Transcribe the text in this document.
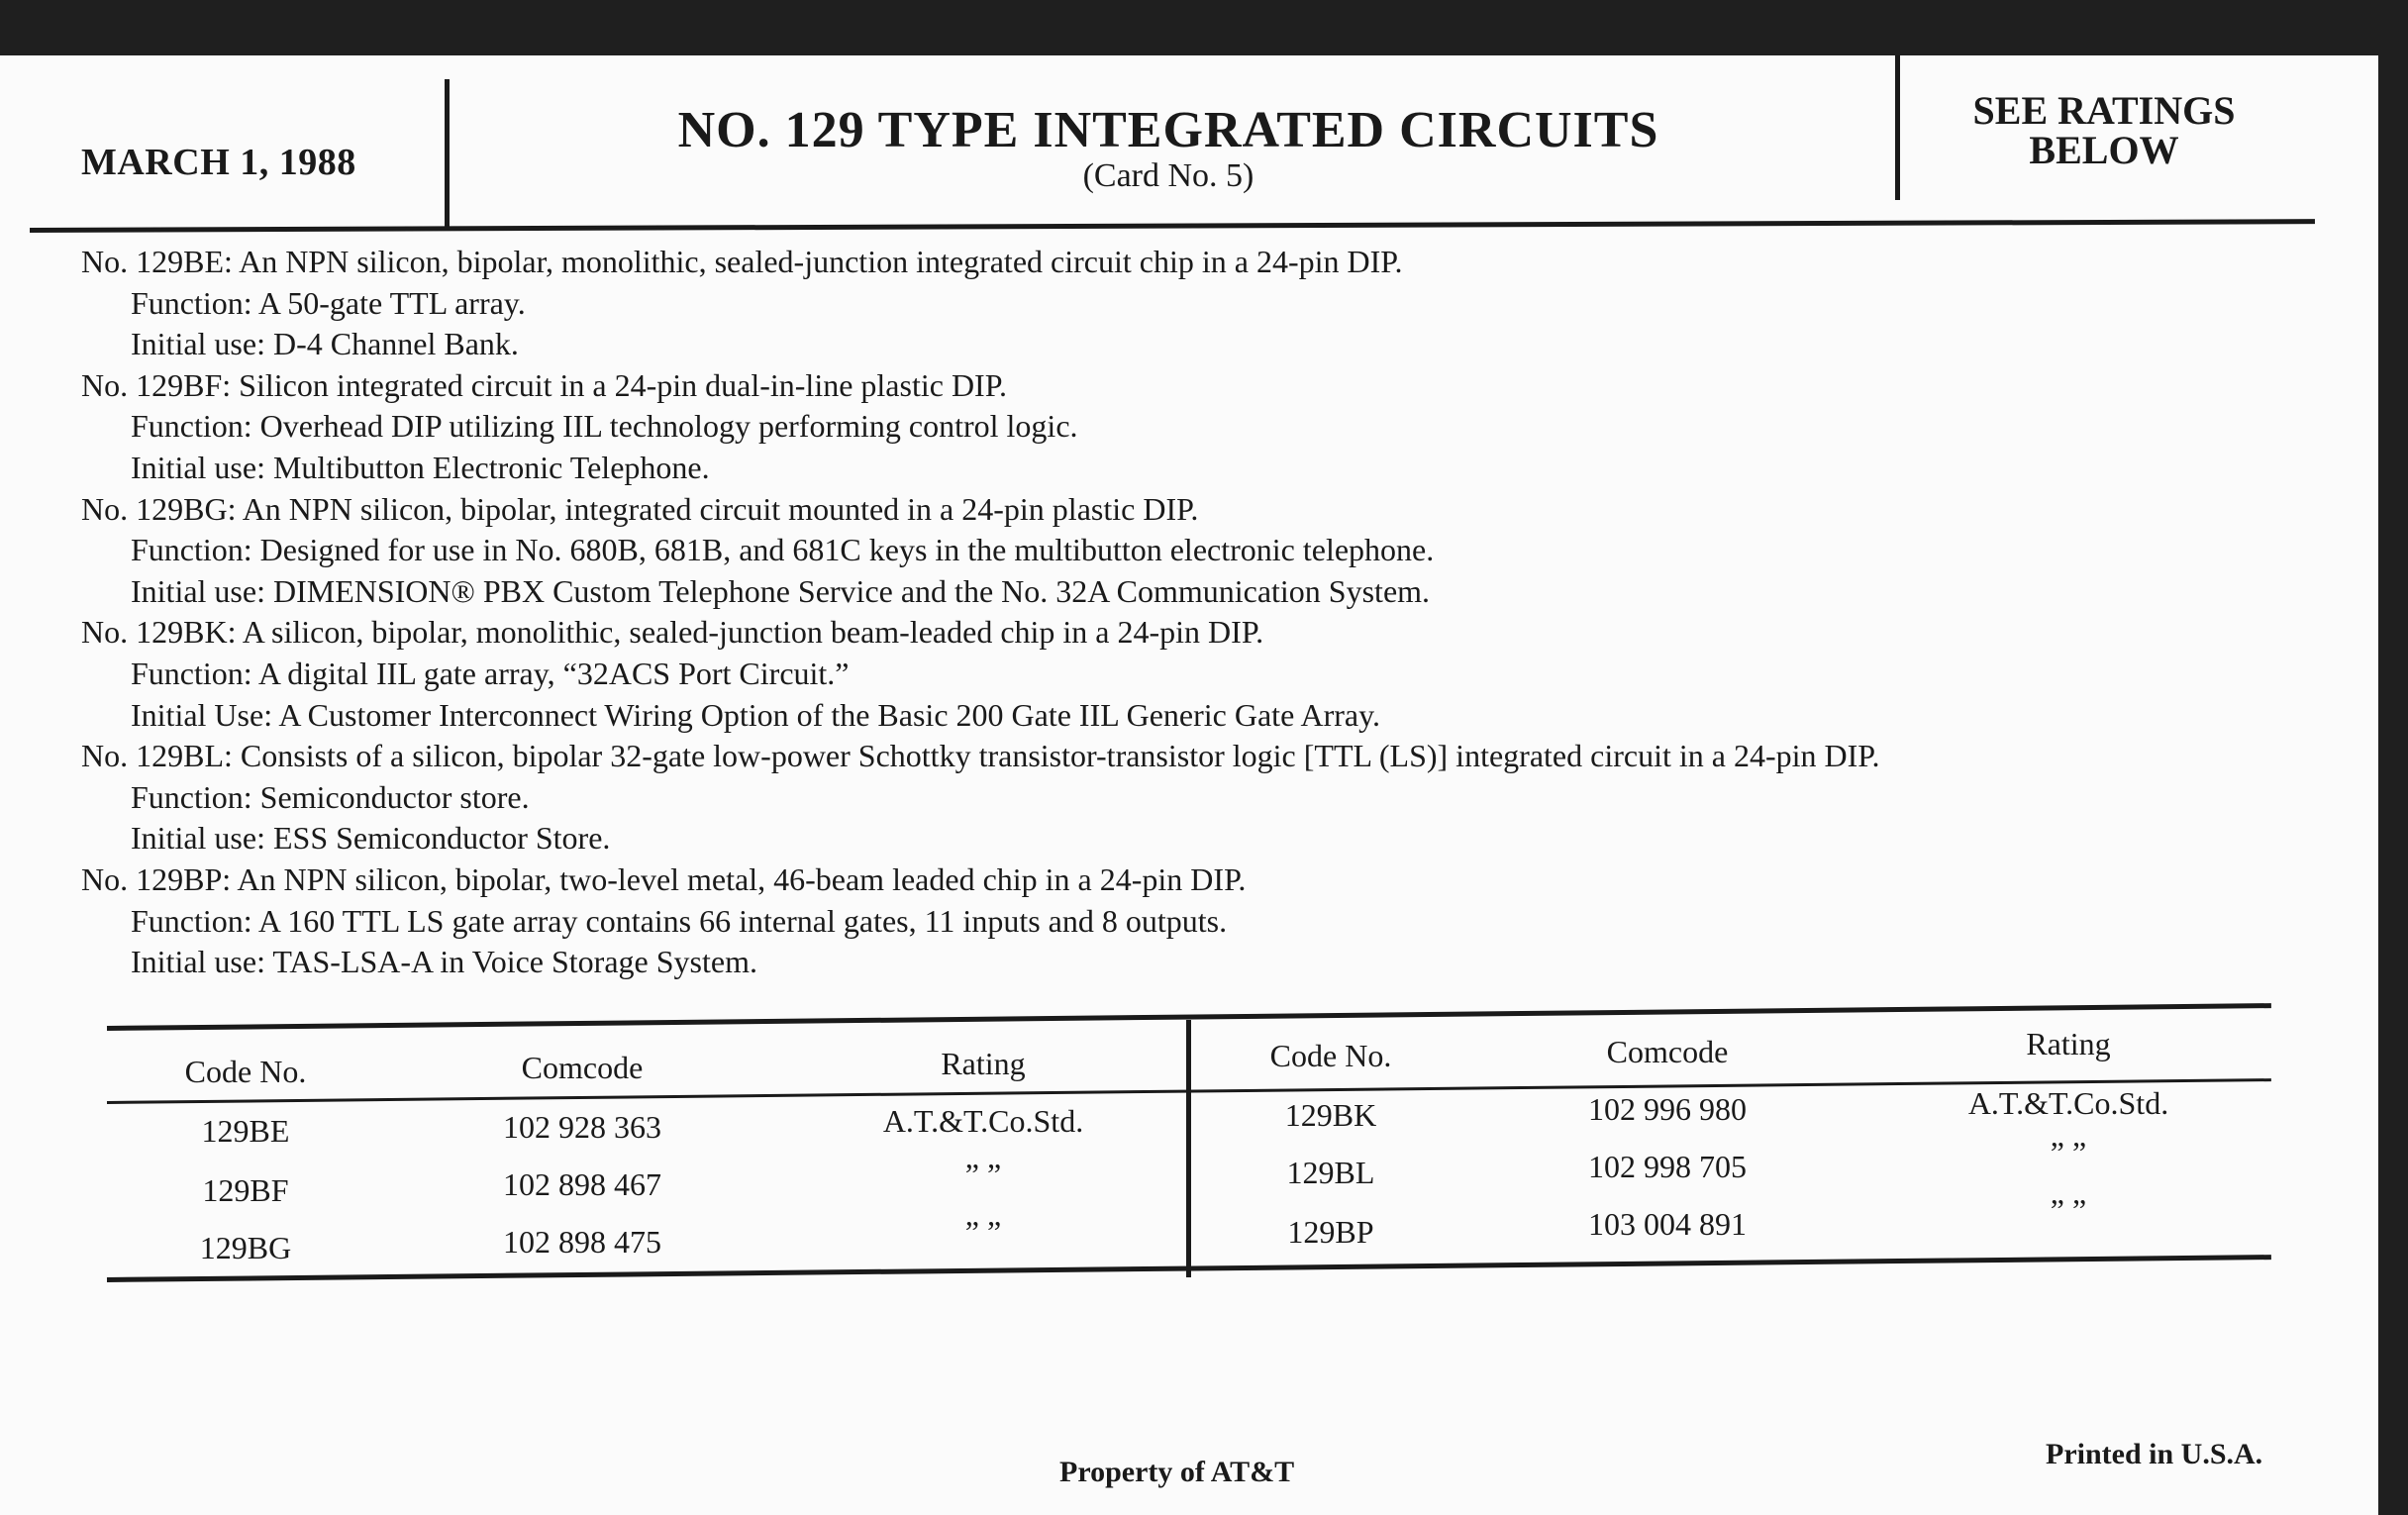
MARCH 1, 1988
NO. 129 TYPE INTEGRATED CIRCUITS
(Card No. 5)
SEE RATINGS
BELOW
No. 129BE: An NPN silicon, bipolar, monolithic, sealed-junction integrated circuit chip in a 24-pin DIP.
Function: A 50-gate TTL array.
Initial use: D-4 Channel Bank.
No. 129BF: Silicon integrated circuit in a 24-pin dual-in-line plastic DIP.
Function: Overhead DIP utilizing IIL technology performing control logic.
Initial use: Multibutton Electronic Telephone.
No. 129BG: An NPN silicon, bipolar, integrated circuit mounted in a 24-pin plastic DIP.
Function: Designed for use in No. 680B, 681B, and 681C keys in the multibutton electronic telephone.
Initial use: DIMENSION® PBX Custom Telephone Service and the No. 32A Communication System.
No. 129BK: A silicon, bipolar, monolithic, sealed-junction beam-leaded chip in a 24-pin DIP.
Function: A digital IIL gate array, “32ACS Port Circuit.”
Initial Use: A Customer Interconnect Wiring Option of the Basic 200 Gate IIL Generic Gate Array.
No. 129BL: Consists of a silicon, bipolar 32-gate low-power Schottky transistor-transistor logic [TTL (LS)] integrated circuit in a 24-pin DIP.
Function: Semiconductor store.
Initial use: ESS Semiconductor Store.
No. 129BP: An NPN silicon, bipolar, two-level metal, 46-beam leaded chip in a 24-pin DIP.
Function: A 160 TTL LS gate array contains 66 internal gates, 11 inputs and 8 outputs.
Initial use: TAS-LSA-A in Voice Storage System.
Code No.	Comcode	Rating
129BE	102 928 363	A.T.&T.Co.Std.
129BF	102 898 467	” ”
129BG	102 898 475	” ”
Code No.	Comcode	Rating
129BK	102 996 980	A.T.&T.Co.Std.
129BL	102 998 705	” ”
129BP	103 004 891	” ”
Property of AT&T
Printed in U.S.A.
